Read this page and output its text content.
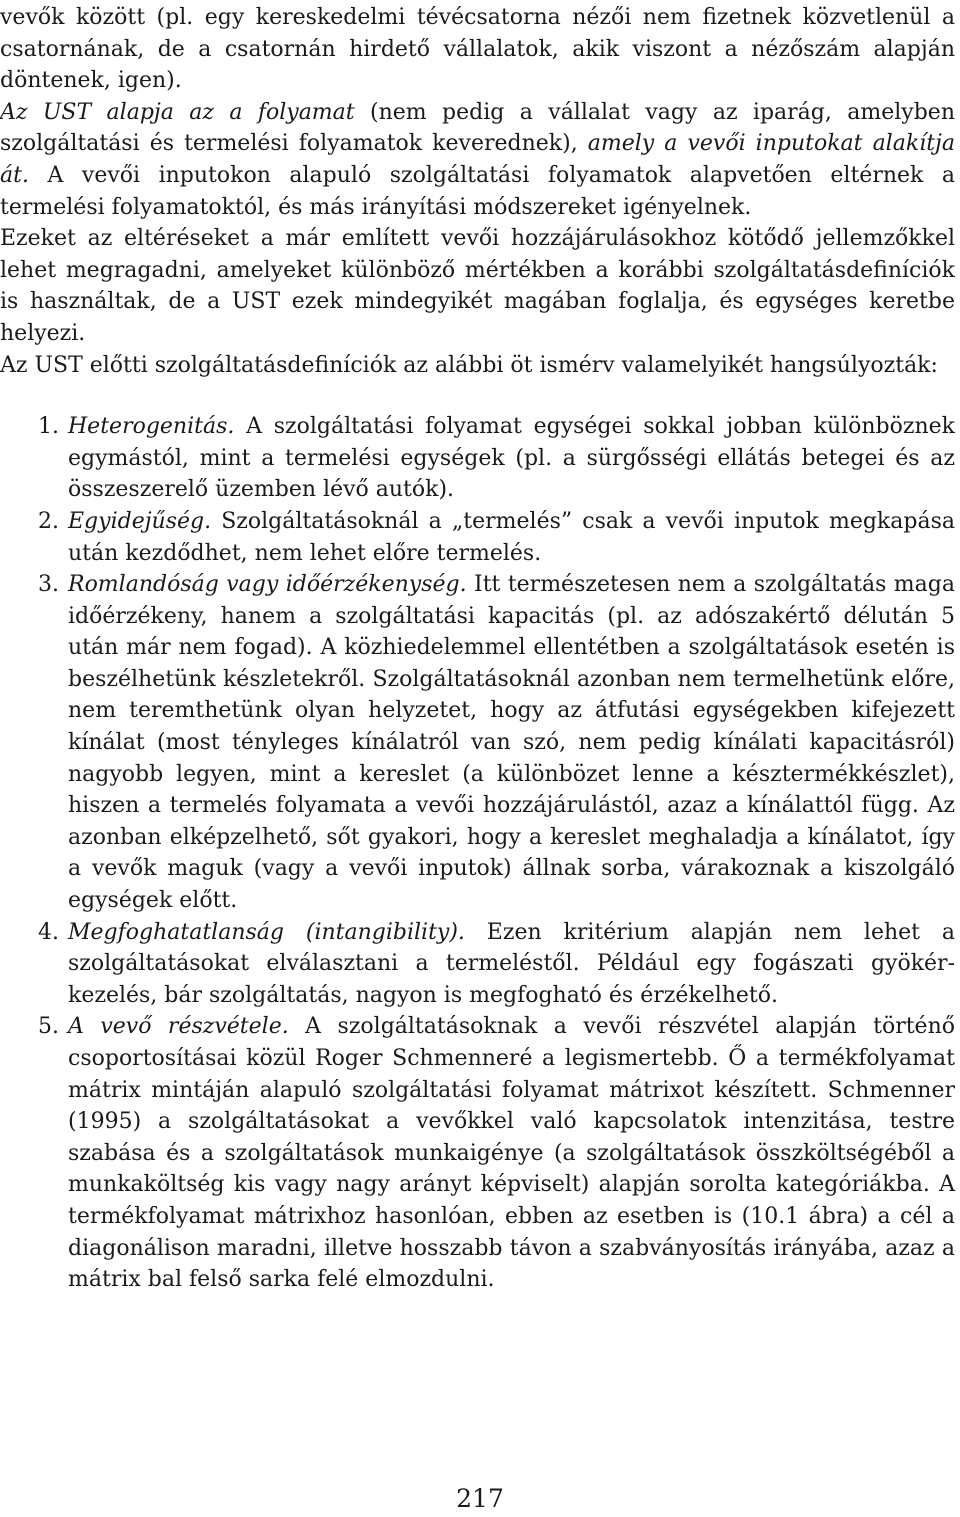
vevők között (pl. egy kereskedelmi tévécsatorna nézői nem fizetnek közvetlenül a csatornának, de a csatornán hirdető vállalatok, akik viszont a nézőszám alapján döntenek, igen).

Az UST alapja az a folyamat (nem pedig a vállalat vagy az iparág, amelyben szolgáltatási és termelési folyamatok keverednek), amely a vevői inputokat alakítja át. A vevői inputokon alapuló szolgáltatási folyamatok alapvetően eltérnek a termelési folyamatoktól, és más irányítási módszereket igényelnek.

Ezeket az eltéréseket a már említett vevői hozzájárulásokhoz kötődő jellemzőkkel lehet megragadni, amelyeket különböző mértékben a korábbi szolgáltatásdefiníciók is használtak, de a UST ezek mindegyikét magában foglalja, és egységes keretbe helyezi.

Az UST előtti szolgáltatásdefiníciók az alábbi öt ismérv valamelyikét hangsúlyozták:

1. Heterogenitás. A szolgáltatási folyamat egységei sokkal jobban különböznek egymástól, mint a termelési egységek (pl. a sürgősségi ellátás betegei és az összeszerelő üzemben lévő autók).
2. Egyidejűség. Szolgáltatásoknál a „termelés” csak a vevői inputok megkapása után kezdődhet, nem lehet előre termelés.
3. Romlandóság vagy időérzékenység. Itt természetesen nem a szolgáltatás maga időérzékeny, hanem a szolgáltatási kapacitás (pl. az adószakértő délután 5 után már nem fogad). A közhiedelemmel ellentétben a szolgáltatások esetén is beszélhetünk készletekről. Szolgáltatásoknál azonban nem termelhetünk előre, nem teremthetünk olyan helyzetet, hogy az átfutási egységekben kifejezett kínálat (most tényleges kínálatról van szó, nem pedig kínálati kapacitásról) nagyobb legyen, mint a kereslet (a különbözet lenne a késztermékkészlet), hiszen a termelés folyamata a vevői hozzájárulástól, azaz a kínálattól függ. Az azonban elképzelhető, sőt gyakori, hogy a kereslet meghaladja a kínálatot, így a vevők maguk (vagy a vevői inputok) állnak sorba, várakoznak a kiszolgáló egységek előtt.
4. Megfoghatatlanság (intangibility). Ezen kritérium alapján nem lehet a szolgáltatásokat elválasztani a termeléstől. Például egy fogászati gyökérkezelés, bár szolgáltatás, nagyon is megfogható és érzékelhető.
5. A vevő részvétele. A szolgáltatásoknak a vevői részvétel alapján történő csoportosításai közül Roger Schmenneré a legismertebb. Ő a termékfolyamat mátrix mintáján alapuló szolgáltatási folyamat mátrixot készített. Schmenner (1995) a szolgáltatásokat a vevőkkel való kapcsolatok intenzitása, testre szabása és a szolgáltatások munkaigénye (a szolgáltatások összköltségéből a munkaköltség kis vagy nagy arányt képviselt) alapján sorolta kategóriákba. A termékfolyamat mátrixhoz hasonlóan, ebben az esetben is (10.1 ábra) a cél a diagonálison maradni, illetve hosszabb távon a szabványosítás irányába, azaz a mátrix bal felső sarka felé elmozdulni.
217
